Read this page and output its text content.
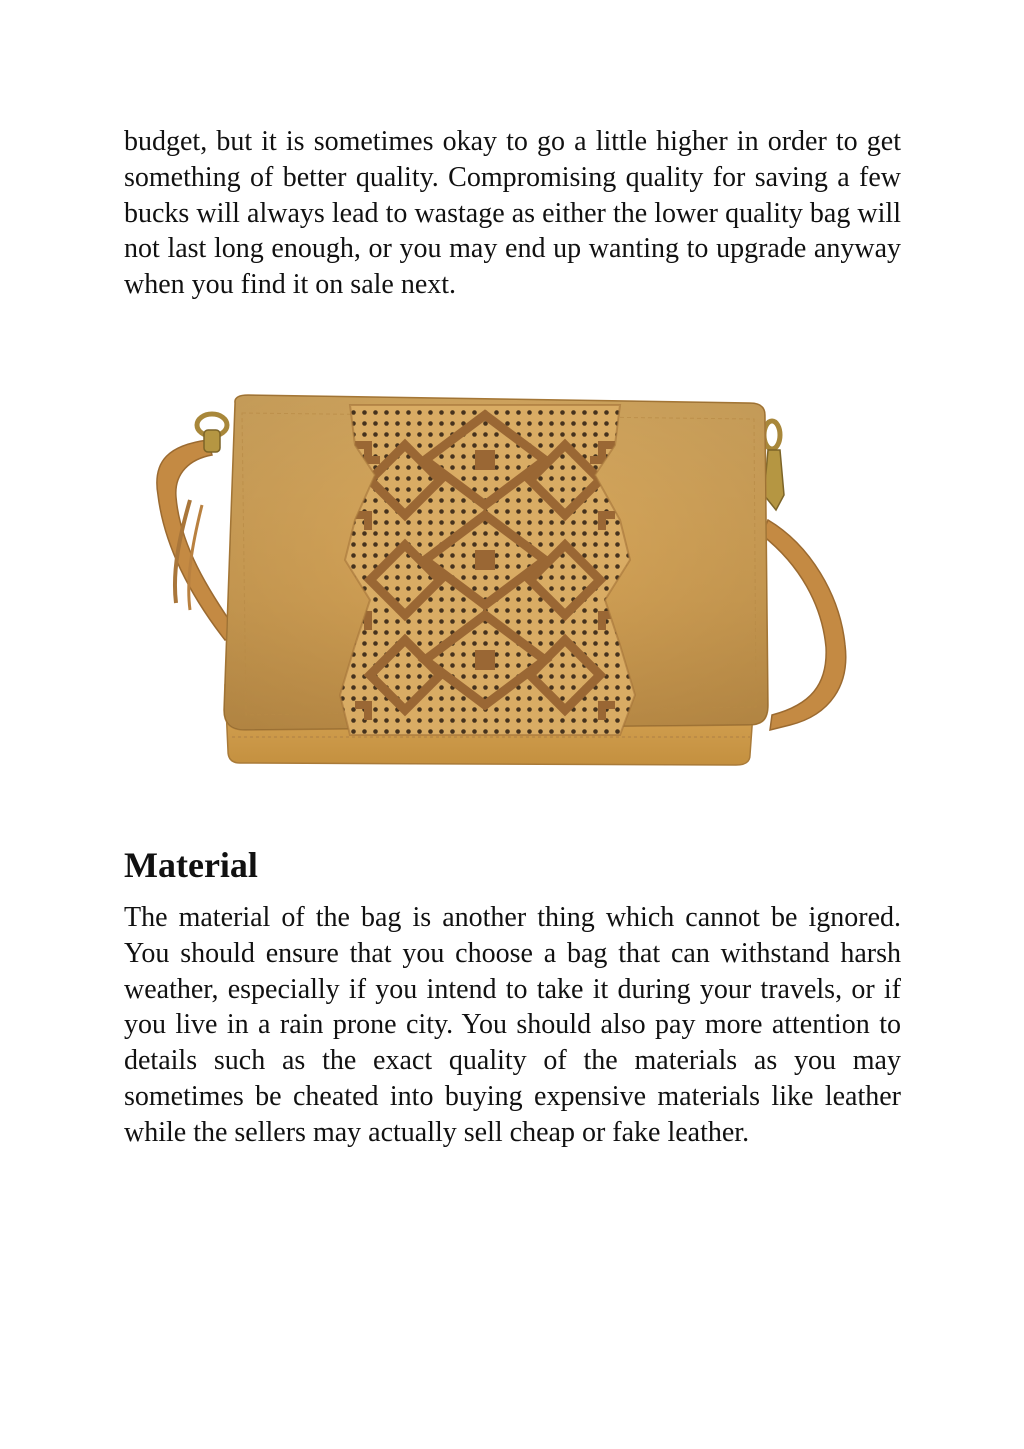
budget, but it is sometimes okay to go a little higher in order to get something of better quality. Compromising quality for saving a few bucks will always lead to wastage as either the lower quality bag will not last long enough, or you may end up wanting to upgrade anyway when you find it on sale next.

Material

The material of the bag is another thing which cannot be ignored. You should ensure that you choose a bag that can withstand harsh weather, especially if you intend to take it during your travels, or if you live in a rain prone city. You should also pay more attention to details such as the exact quality of the materials as you may sometimes be cheated into buying expensive materials like leather while the sellers may actually sell cheap or fake leather.
